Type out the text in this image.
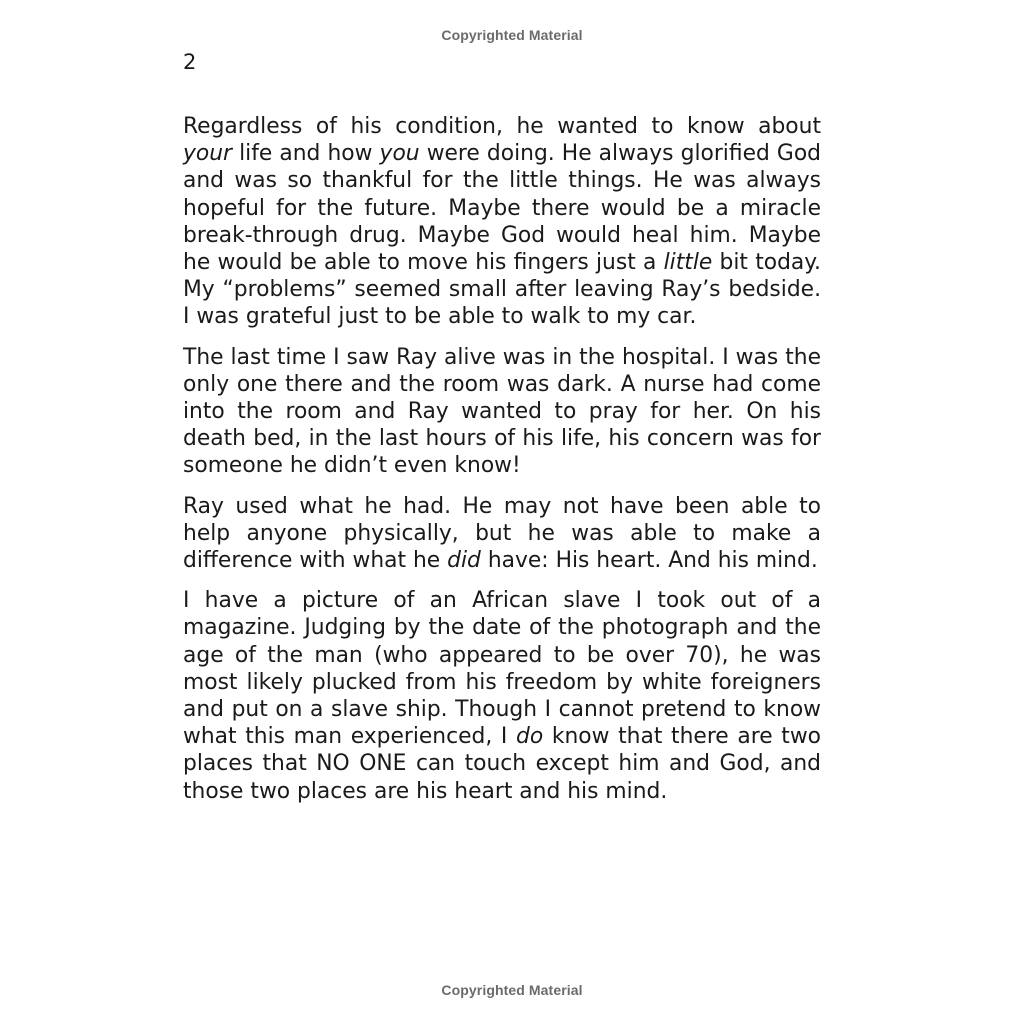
Copyrighted Material
2

Regardless of his condition, he wanted to know about your life and how you were doing. He always glorified God and was so thankful for the little things. He was always hopeful for the future. Maybe there would be a miracle break-through drug. Maybe God would heal him. Maybe he would be able to move his fingers just a little bit today. My “problems” seemed small after leaving Ray’s bedside. I was grateful just to be able to walk to my car.

The last time I saw Ray alive was in the hospital. I was the only one there and the room was dark. A nurse had come into the room and Ray wanted to pray for her. On his death bed, in the last hours of his life, his concern was for someone he didn’t even know!

Ray used what he had. He may not have been able to help anyone physically, but he was able to make a difference with what he did have: His heart. And his mind.

I have a picture of an African slave I took out of a magazine. Judging by the date of the photograph and the age of the man (who appeared to be over 70), he was most likely plucked from his freedom by white foreigners and put on a slave ship. Though I cannot pretend to know what this man experienced, I do know that there are two places that NO ONE can touch except him and God, and those two places are his heart and his mind.

Copyrighted Material
